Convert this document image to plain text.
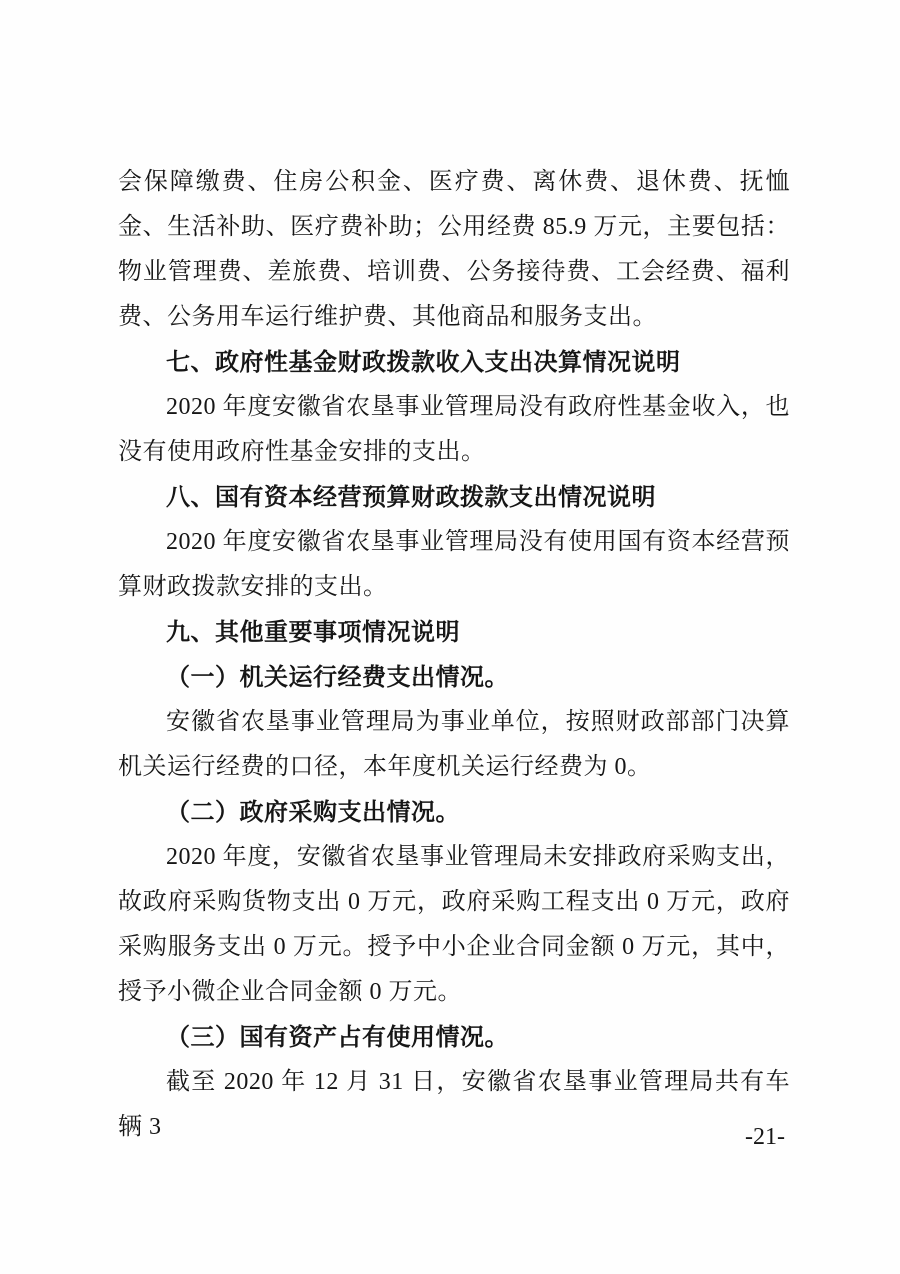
会保障缴费、住房公积金、医疗费、离休费、退休费、抚恤金、生活补助、医疗费补助；公用经费 85.9 万元，主要包括：物业管理费、差旅费、培训费、公务接待费、工会经费、福利费、公务用车运行维护费、其他商品和服务支出。

七、政府性基金财政拨款收入支出决算情况说明

2020 年度安徽省农垦事业管理局没有政府性基金收入，也没有使用政府性基金安排的支出。

八、国有资本经营预算财政拨款支出情况说明

2020 年度安徽省农垦事业管理局没有使用国有资本经营预算财政拨款安排的支出。

九、其他重要事项情况说明

（一）机关运行经费支出情况。

安徽省农垦事业管理局为事业单位，按照财政部部门决算机关运行经费的口径，本年度机关运行经费为 0。

（二）政府采购支出情况。

2020 年度，安徽省农垦事业管理局未安排政府采购支出，故政府采购货物支出 0 万元，政府采购工程支出 0 万元，政府采购服务支出 0 万元。授予中小企业合同金额 0 万元，其中，授予小微企业合同金额 0 万元。

（三）国有资产占有使用情况。

截至 2020 年 12 月 31 日，安徽省农垦事业管理局共有车辆 3	-21-
